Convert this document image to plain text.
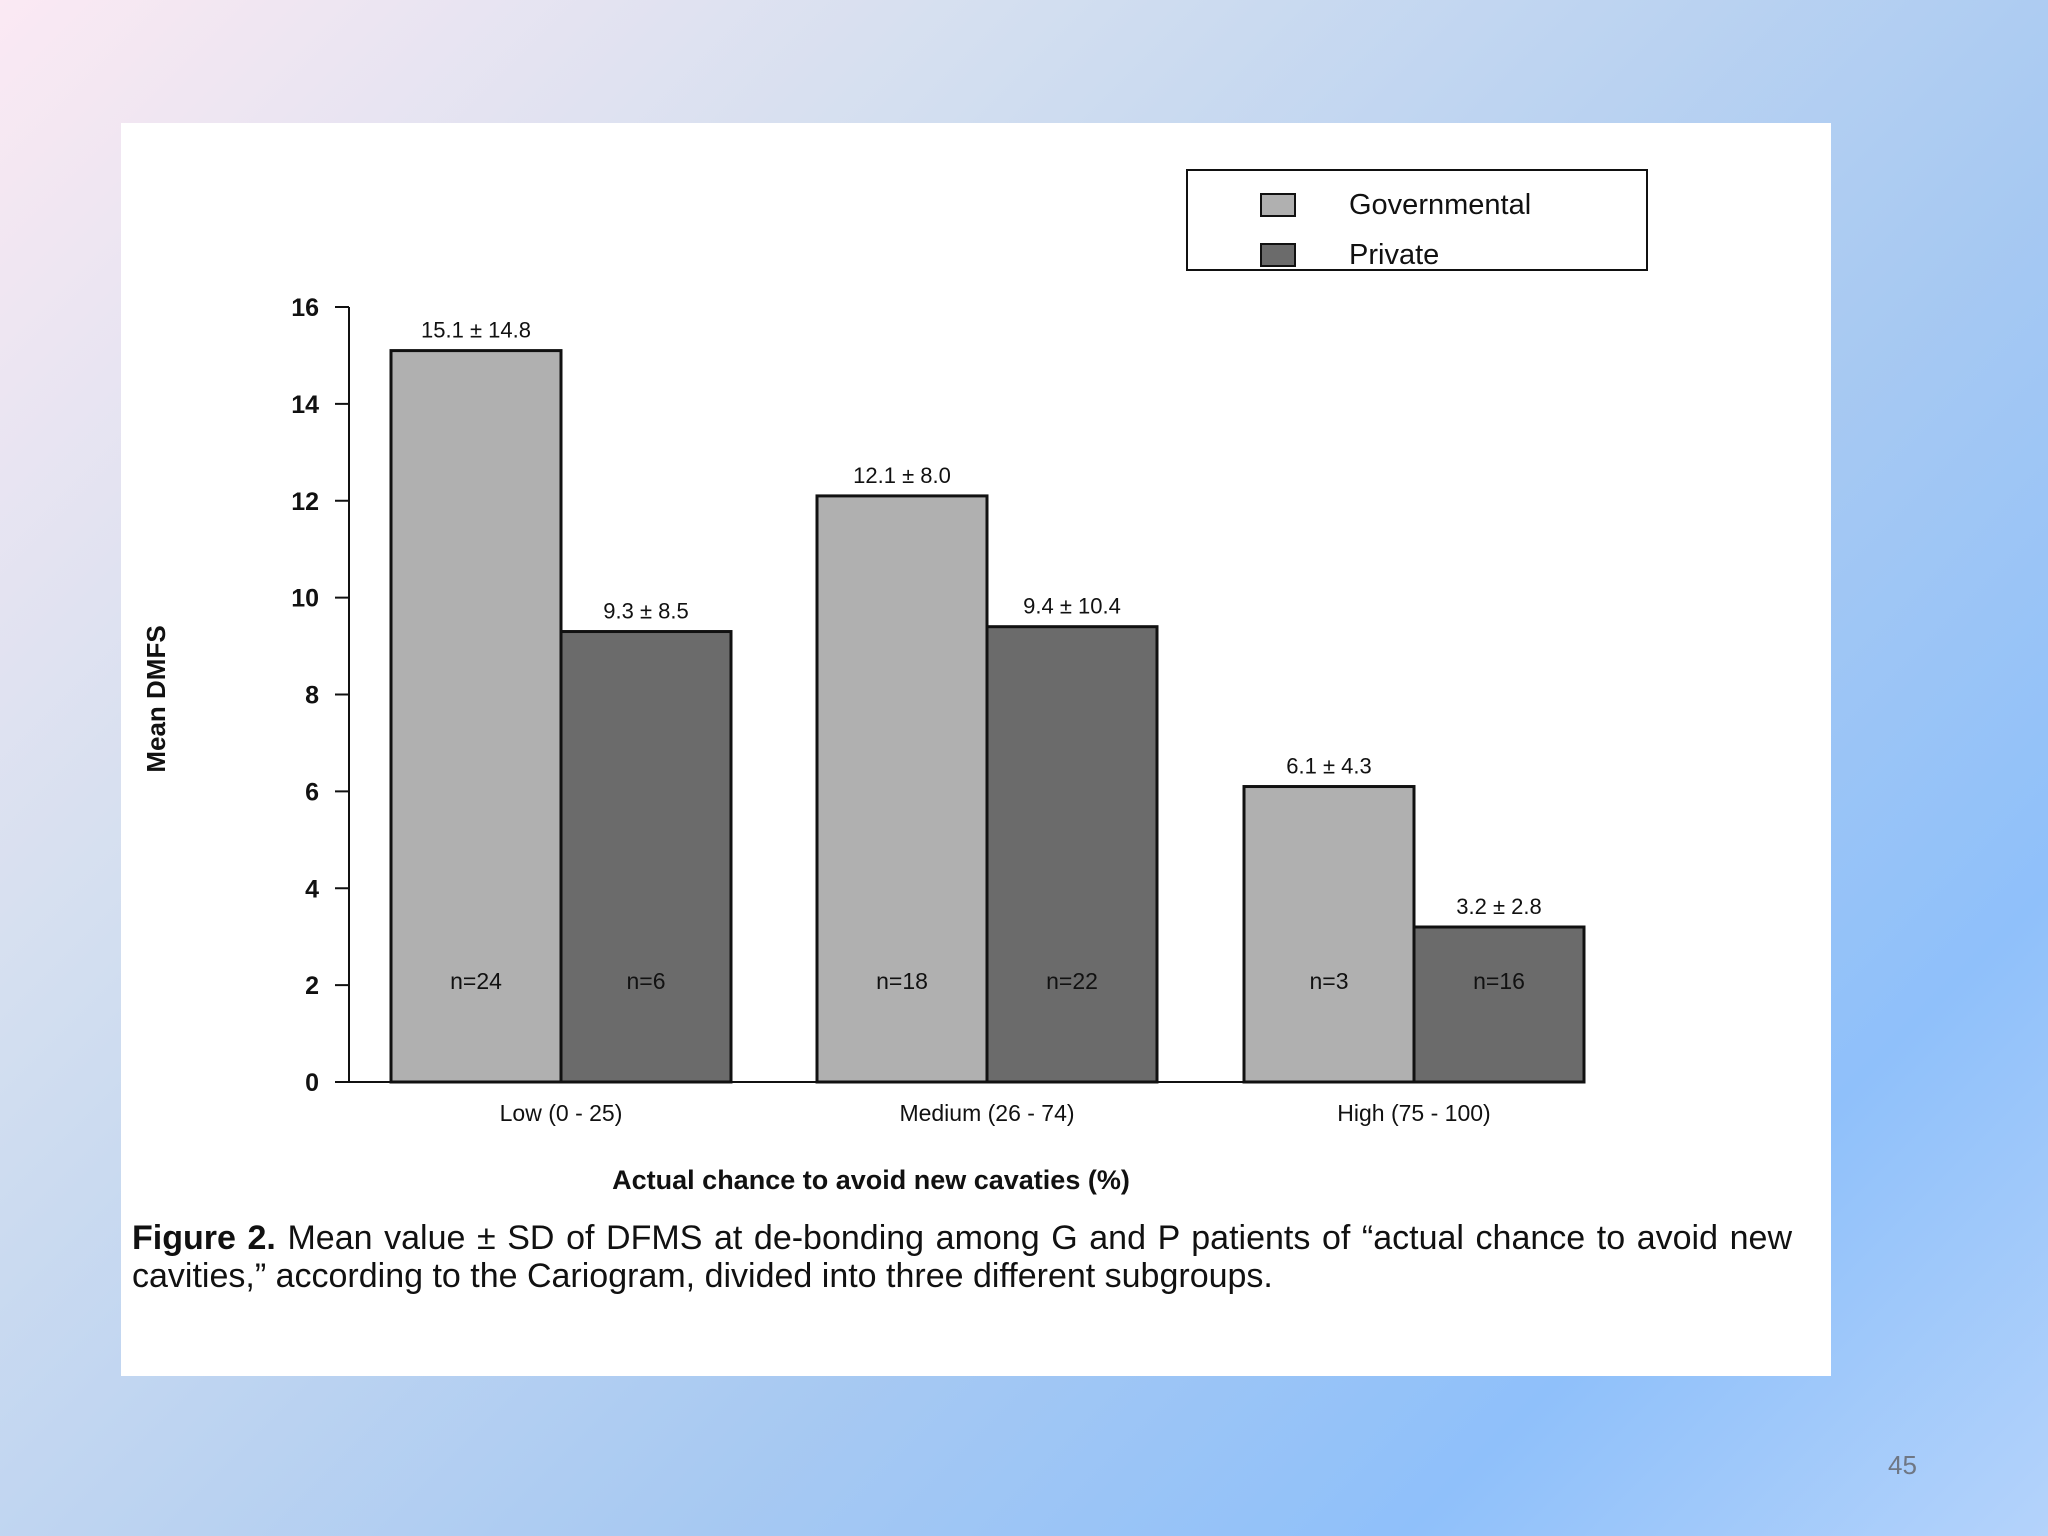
0
2
4
6
8
10
12
14
16
Mean DMFS
15.1 ± 14.8
n=24
9.3 ± 8.5
n=6
Low (0 - 25)
12.1 ± 8.0
n=18
9.4 ± 10.4
n=22
Medium (26 - 74)
6.1 ± 4.3
n=3
3.2 ± 2.8
n=16
High (75 - 100)
Actual chance to avoid new cavaties (%)
Governmental
Private
Figure 2. Mean value ± SD of DFMS at de-bonding among G and P patients of “actual chance to avoid new cavities,” according to the Cariogram, divided into three different subgroups.
45
